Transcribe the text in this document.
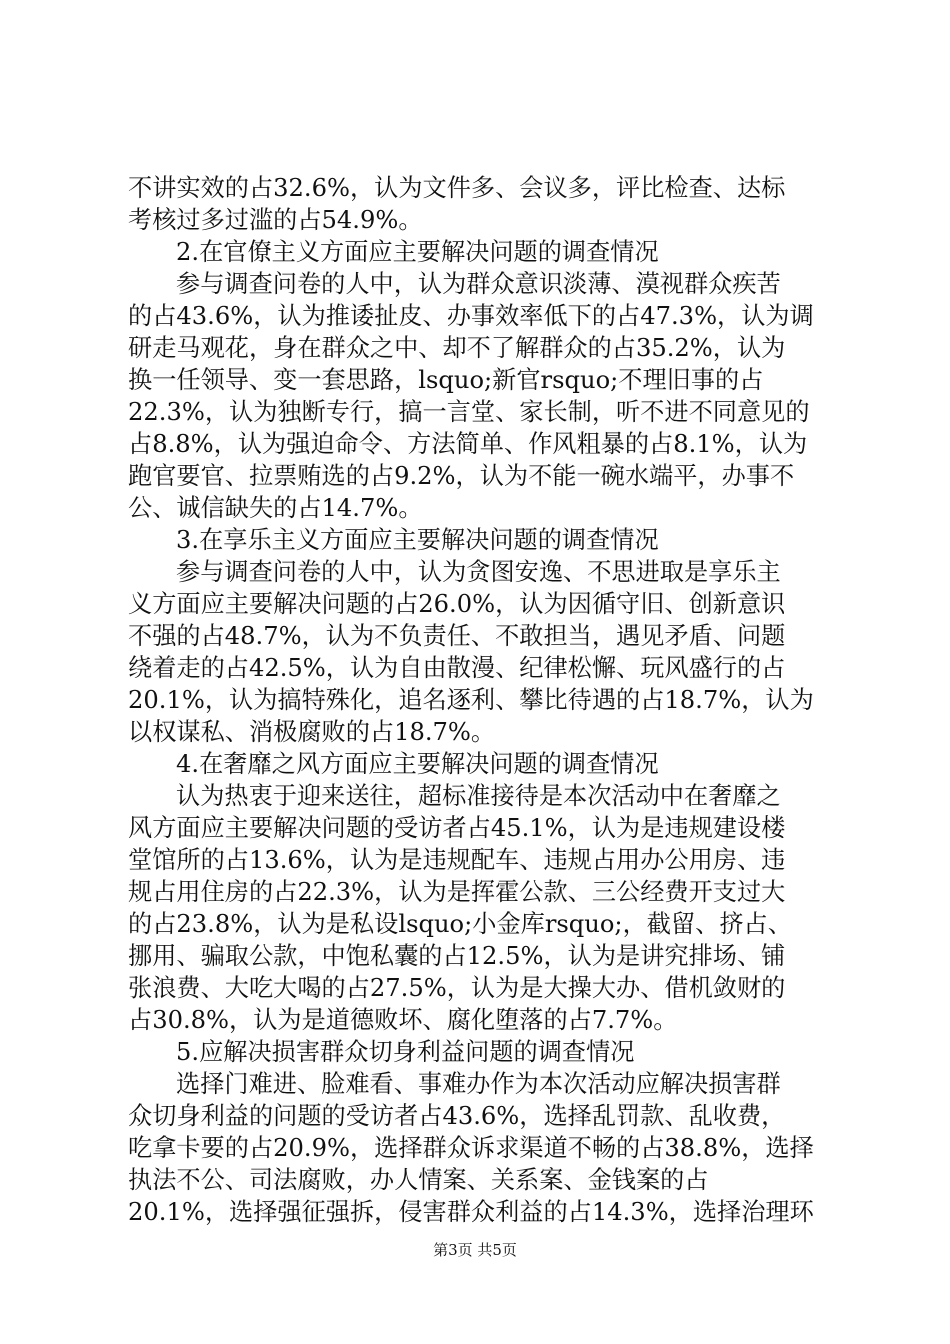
不讲实效的占32.6%，认为文件多、会议多，评比检查、达标
考核过多过滥的占54.9%。
2.在官僚主义方面应主要解决问题的调查情况
参与调查问卷的人中，认为群众意识淡薄、漠视群众疾苦
的占43.6%，认为推诿扯皮、办事效率低下的占47.3%，认为调
研走马观花，身在群众之中、却不了解群众的占35.2%，认为
换一任领导、变一套思路，lsquo;新官rsquo;不理旧事的占
22.3%，认为独断专行，搞一言堂、家长制，听不进不同意见的
占8.8%，认为强迫命令、方法简单、作风粗暴的占8.1%，认为
跑官要官、拉票贿选的占9.2%，认为不能一碗水端平，办事不
公、诚信缺失的占14.7%。
3.在享乐主义方面应主要解决问题的调查情况
参与调查问卷的人中，认为贪图安逸、不思进取是享乐主
义方面应主要解决问题的占26.0%，认为因循守旧、创新意识
不强的占48.7%，认为不负责任、不敢担当，遇见矛盾、问题
绕着走的占42.5%，认为自由散漫、纪律松懈、玩风盛行的占
20.1%，认为搞特殊化，追名逐利、攀比待遇的占18.7%，认为
以权谋私、消极腐败的占18.7%。
4.在奢靡之风方面应主要解决问题的调查情况
认为热衷于迎来送往，超标准接待是本次活动中在奢靡之
风方面应主要解决问题的受访者占45.1%，认为是违规建设楼
堂馆所的占13.6%，认为是违规配车、违规占用办公用房、违
规占用住房的占22.3%，认为是挥霍公款、三公经费开支过大
的占23.8%，认为是私设lsquo;小金库rsquo;，截留、挤占、
挪用、骗取公款，中饱私囊的占12.5%，认为是讲究排场、铺
张浪费、大吃大喝的占27.5%，认为是大操大办、借机敛财的
占30.8%，认为是道德败坏、腐化堕落的占7.7%。
5.应解决损害群众切身利益问题的调查情况
选择门难进、脸难看、事难办作为本次活动应解决损害群
众切身利益的问题的受访者占43.6%，选择乱罚款、乱收费，
吃拿卡要的占20.9%，选择群众诉求渠道不畅的占38.8%，选择
执法不公、司法腐败，办人情案、关系案、金钱案的占
20.1%，选择强征强拆，侵害群众利益的占14.3%，选择治理环
第3页 共5页
